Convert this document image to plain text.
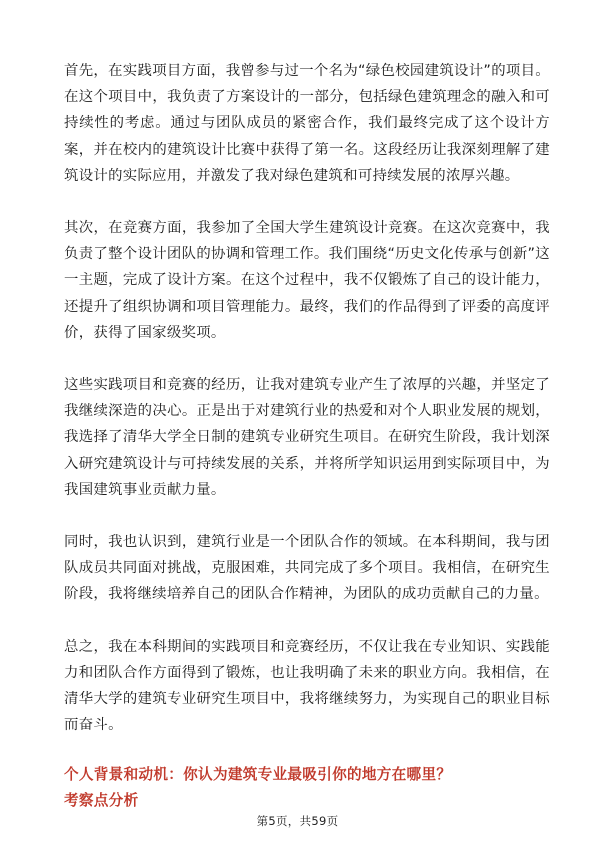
首先，在实践项目方面，我曾参与过一个名为“绿色校园建筑设计”的项目。在这个项目中，我负责了方案设计的一部分，包括绿色建筑理念的融入和可持续性的考虑。通过与团队成员的紧密合作，我们最终完成了这个设计方案，并在校内的建筑设计比赛中获得了第一名。这段经历让我深刻理解了建筑设计的实际应用，并激发了我对绿色建筑和可持续发展的浓厚兴趣。

其次，在竞赛方面，我参加了全国大学生建筑设计竞赛。在这次竞赛中，我负责了整个设计团队的协调和管理工作。我们围绕“历史文化传承与创新”这一主题，完成了设计方案。在这个过程中，我不仅锻炼了自己的设计能力，还提升了组织协调和项目管理能力。最终，我们的作品得到了评委的高度评价，获得了国家级奖项。

这些实践项目和竞赛的经历，让我对建筑专业产生了浓厚的兴趣，并坚定了我继续深造的决心。正是出于对建筑行业的热爱和对个人职业发展的规划，我选择了清华大学全日制的建筑专业研究生项目。在研究生阶段，我计划深入研究建筑设计与可持续发展的关系，并将所学知识运用到实际项目中，为我国建筑事业贡献力量。

同时，我也认识到，建筑行业是一个团队合作的领域。在本科期间，我与团队成员共同面对挑战，克服困难，共同完成了多个项目。我相信，在研究生阶段，我将继续培养自己的团队合作精神，为团队的成功贡献自己的力量。

总之，我在本科期间的实践项目和竞赛经历，不仅让我在专业知识、实践能力和团队合作方面得到了锻炼，也让我明确了未来的职业方向。我相信，在清华大学的建筑专业研究生项目中，我将继续努力，为实现自己的职业目标而奋斗。

个人背景和动机：你认为建筑专业最吸引你的地方在哪里？

考察点分析

第5页，共59页
